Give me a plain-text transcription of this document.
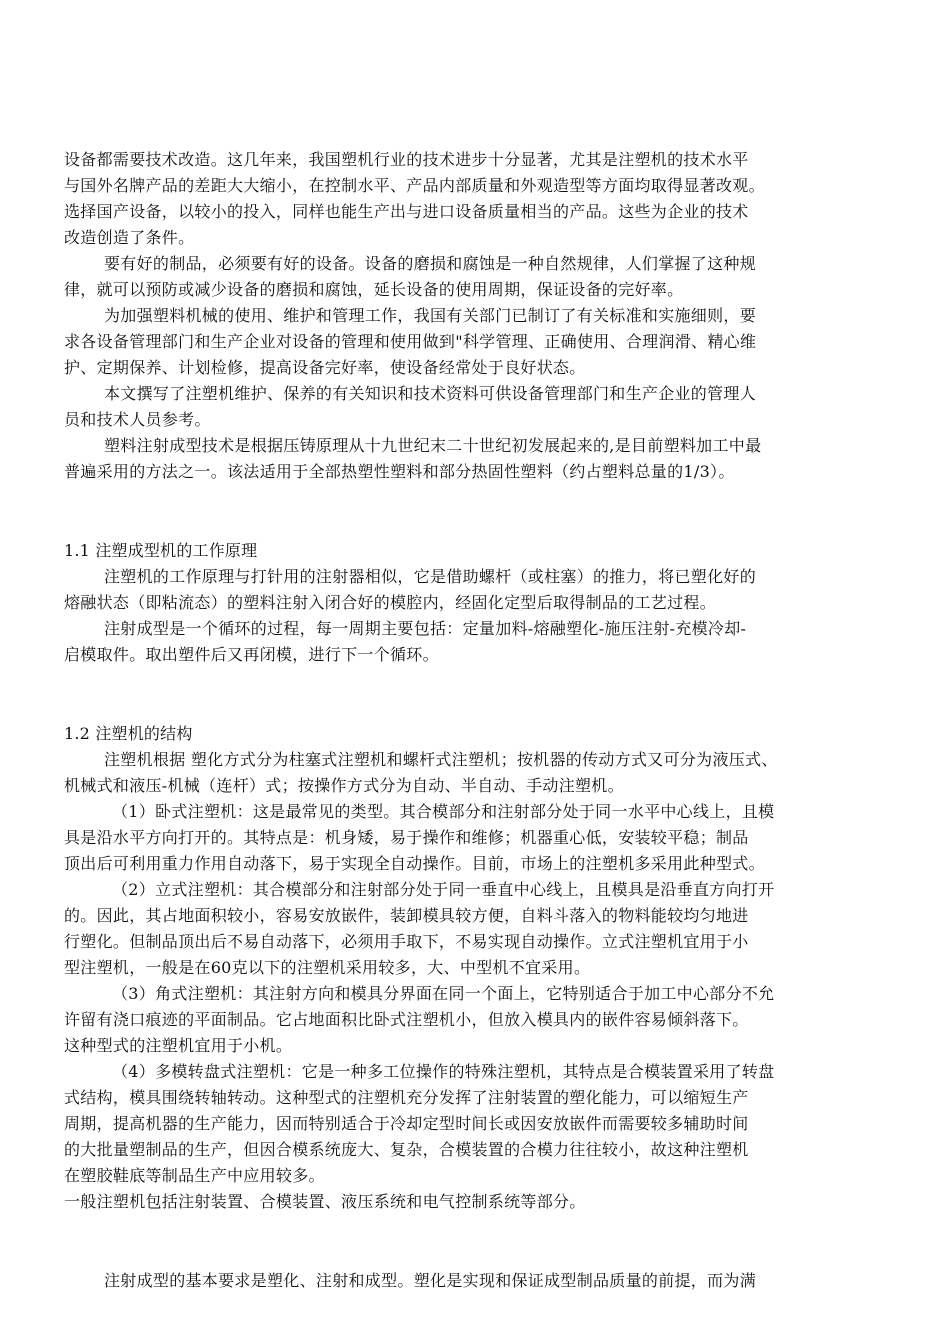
设备都需要技术改造。这几年来，我国塑机行业的技术进步十分显著，尤其是注塑机的技术水平
与国外名牌产品的差距大大缩小，在控制水平、产品内部质量和外观造型等方面均取得显著改观。
选择国产设备，以较小的投入，同样也能生产出与进口设备质量相当的产品。这些为企业的技术
改造创造了条件。
要有好的制品，必须要有好的设备。设备的磨损和腐蚀是一种自然规律，人们掌握了这种规
律，就可以预防或减少设备的磨损和腐蚀，延长设备的使用周期，保证设备的完好率。
为加强塑料机械的使用、维护和管理工作，我国有关部门已制订了有关标准和实施细则，要
求各设备管理部门和生产企业对设备的管理和使用做到"科学管理、正确使用、合理润滑、精心维
护、定期保养、计划检修，提高设备完好率，使设备经常处于良好状态。
本文撰写了注塑机维护、保养的有关知识和技术资料可供设备管理部门和生产企业的管理人
员和技术人员参考。
塑料注射成型技术是根据压铸原理从十九世纪末二十世纪初发展起来的,是目前塑料加工中最
普遍采用的方法之一。该法适用于全部热塑性塑料和部分热固性塑料（约占塑料总量的1/3）。
1.1 注塑成型机的工作原理
注塑机的工作原理与打针用的注射器相似，它是借助螺杆（或柱塞）的推力，将已塑化好的
熔融状态（即粘流态）的塑料注射入闭合好的模腔内，经固化定型后取得制品的工艺过程。
注射成型是一个循环的过程，每一周期主要包括：定量加料-熔融塑化-施压注射-充模冷却-
启模取件。取出塑件后又再闭模，进行下一个循环。
1.2 注塑机的结构
注塑机根据 塑化方式分为柱塞式注塑机和螺杆式注塑机；按机器的传动方式又可分为液压式、
机械式和液压-机械（连杆）式；按操作方式分为自动、半自动、手动注塑机。
（1）卧式注塑机：这是最常见的类型。其合模部分和注射部分处于同一水平中心线上，且模
具是沿水平方向打开的。其特点是：机身矮，易于操作和维修；机器重心低，安装较平稳；制品
顶出后可利用重力作用自动落下，易于实现全自动操作。目前，市场上的注塑机多采用此种型式。
（2）立式注塑机：其合模部分和注射部分处于同一垂直中心线上，且模具是沿垂直方向打开
的。因此，其占地面积较小，容易安放嵌件，装卸模具较方便，自料斗落入的物料能较均匀地进
行塑化。但制品顶出后不易自动落下，必须用手取下，不易实现自动操作。立式注塑机宜用于小
型注塑机，一般是在60克以下的注塑机采用较多，大、中型机不宜采用。
（3）角式注塑机：其注射方向和模具分界面在同一个面上，它特别适合于加工中心部分不允
许留有浇口痕迹的平面制品。它占地面积比卧式注塑机小，但放入模具内的嵌件容易倾斜落下。
这种型式的注塑机宜用于小机。
（4）多模转盘式注塑机：它是一种多工位操作的特殊注塑机，其特点是合模装置采用了转盘
式结构，模具围绕转轴转动。这种型式的注塑机充分发挥了注射装置的塑化能力，可以缩短生产
周期，提高机器的生产能力，因而特别适合于冷却定型时间长或因安放嵌件而需要较多辅助时间
的大批量塑制品的生产，但因合模系统庞大、复杂，合模装置的合模力往往较小，故这种注塑机
在塑胶鞋底等制品生产中应用较多。
一般注塑机包括注射装置、合模装置、液压系统和电气控制系统等部分。
注射成型的基本要求是塑化、注射和成型。塑化是实现和保证成型制品质量的前提，而为满
